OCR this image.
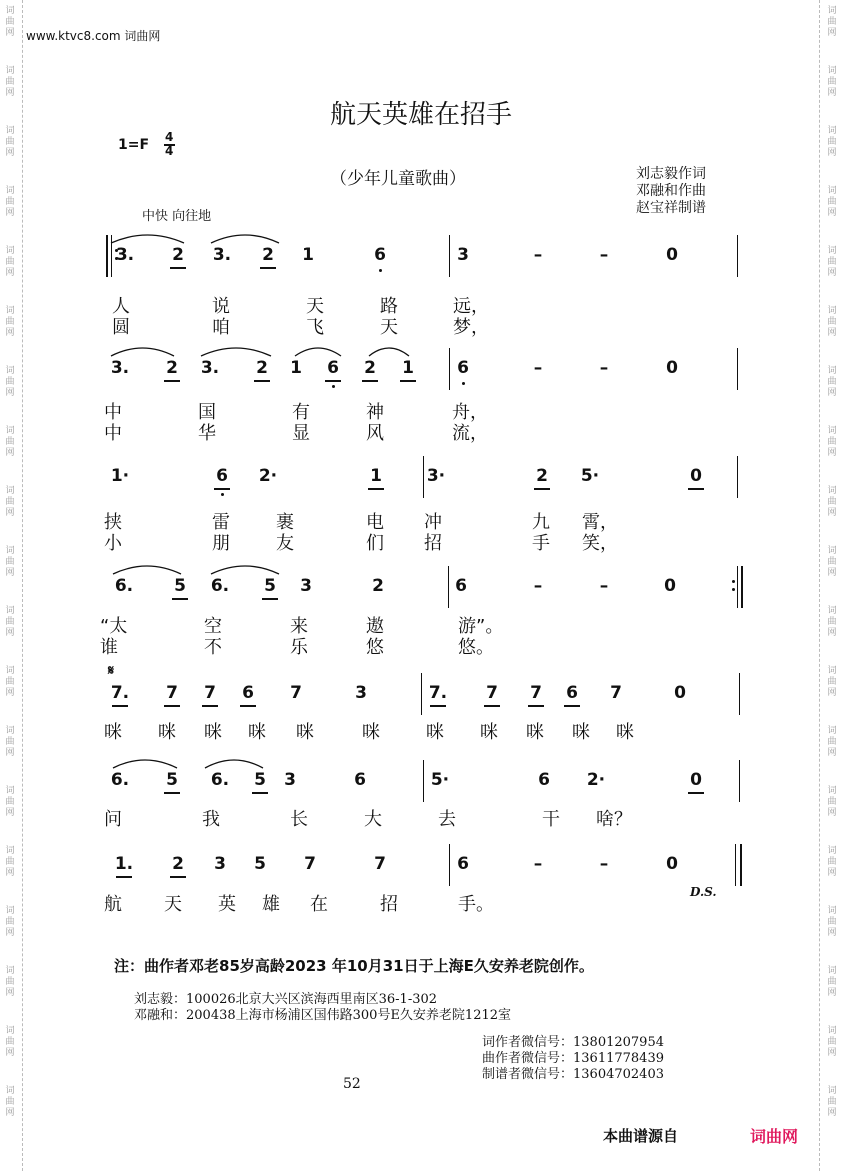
词
曲
网
词
曲
网
词
曲
网
词
曲
网
词
曲
网
词
曲
网
词
曲
网
词
曲
网
词
曲
网
词
曲
网
词
曲
网
词
曲
网
词
曲
网
词
曲
网
词
曲
网
词
曲
网
词
曲
网
词
曲
网
词
曲
网
词
曲
网
词
曲
网
词
曲
网
词
曲
网
词
曲
网
词
曲
网
词
曲
网
词
曲
网
词
曲
网
词
曲
网
词
曲
网
词
曲
网
词
曲
网
词
曲
网
词
曲
网
词
曲
网
词
曲
网
词
曲
网
词
曲
网
www.ktvc8.com 词曲网
航天英雄在招手
1=F 4
4
（少年儿童歌曲）	刘志毅作词
邓融和作曲
赵宝祥制谱
中快 向往地
3.	2	3.	2	1	6	3	–	–	0
人	说	天	路	远，
圆	咱	飞	天	梦，
3.	2	3.	2	1	6	2	1	6	–	–	0
中	国	有	神	舟，
中	华	显	风	流，
1·	6	2·	1	3·	2	5·	0
挟	雷	裹	电 冲	九 霄，
小	朋	友	们 招	手 笑，
6.	5	6.	5	3	2	6	–	–	0
“太	空	来	遨	游”。
谁	不	乐	悠	悠。
𝄋
7.	7	7	6	7	3	7.	7	7	6	7	0
咪 咪 咪 咪 咪	咪	咪 咪 咪 咪 咪
6.	5	6.	5	3	6	5·	6	2·	0
问	我	长	大	去	干 啥？
1.	2	3	5	7	7	6	–	–	0
航 天 英 雄 在	招	手。
D.S.
注：曲作者邓老85岁高龄2023 年10月31日于上海E久安养老院创作。
刘志毅：100026北京大兴区滨海西里南区36-1-302
邓融和：200438上海市杨浦区国伟路300号E久安养老院1212室
词作者微信号：13801207954
曲作者微信号：13611778439
制谱者微信号：13604702403
52
本曲谱源自	词曲网
